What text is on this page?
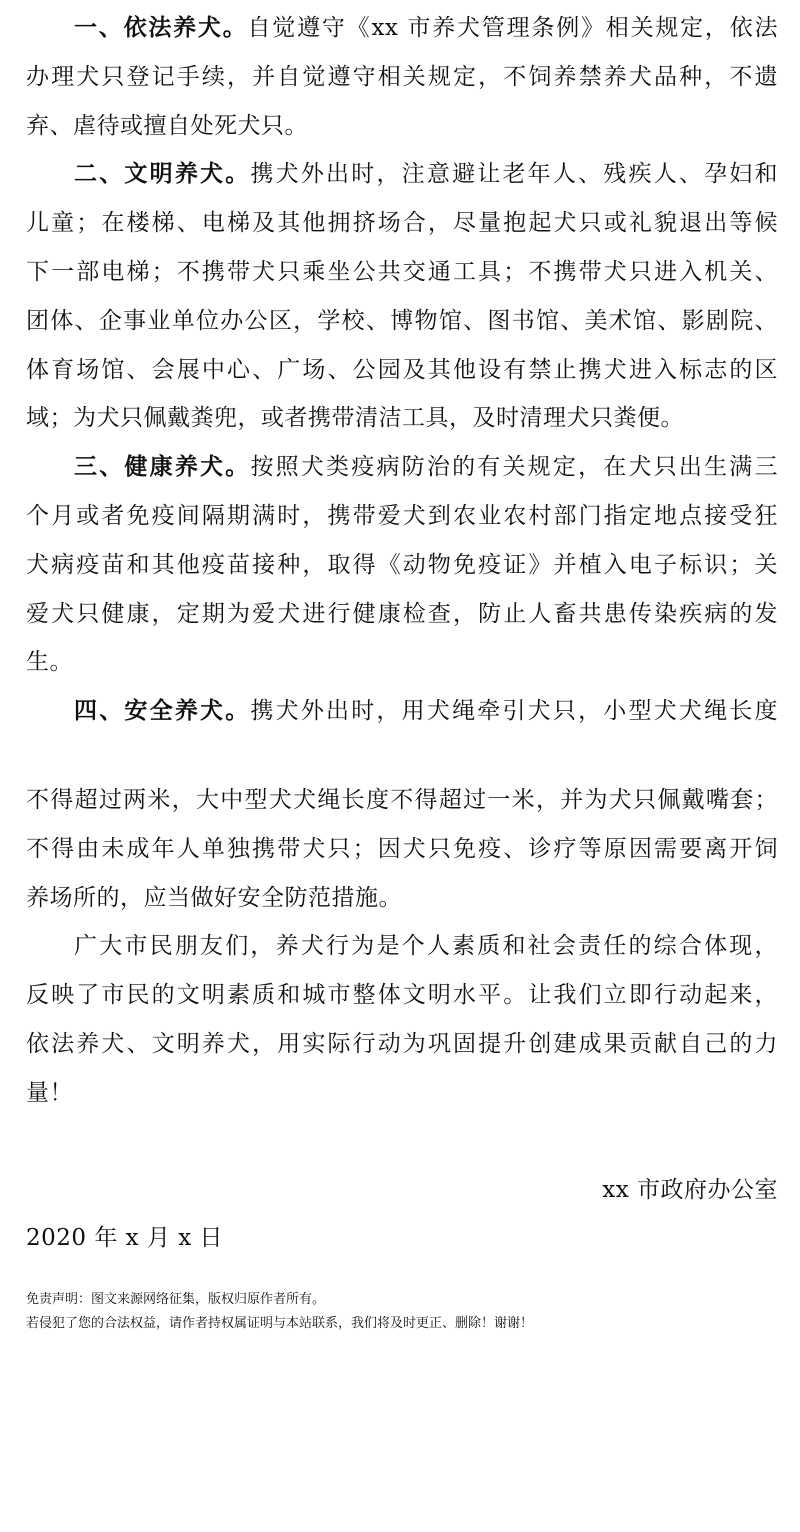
一、依法养犬。自觉遵守《xx 市养犬管理条例》相关规定，依法
办理犬只登记手续，并自觉遵守相关规定，不饲养禁养犬品种，不遗
弃、虐待或擅自处死犬只。
二、文明养犬。携犬外出时，注意避让老年人、残疾人、孕妇和
儿童；在楼梯、电梯及其他拥挤场合，尽量抱起犬只或礼貌退出等候
下一部电梯；不携带犬只乘坐公共交通工具；不携带犬只进入机关、
团体、企事业单位办公区，学校、博物馆、图书馆、美术馆、影剧院、
体育场馆、会展中心、广场、公园及其他设有禁止携犬进入标志的区
域；为犬只佩戴粪兜，或者携带清洁工具，及时清理犬只粪便。
三、健康养犬。按照犬类疫病防治的有关规定，在犬只出生满三
个月或者免疫间隔期满时，携带爱犬到农业农村部门指定地点接受狂
犬病疫苗和其他疫苗接种，取得《动物免疫证》并植入电子标识；关
爱犬只健康，定期为爱犬进行健康检查，防止人畜共患传染疾病的发
生。
四、安全养犬。携犬外出时，用犬绳牵引犬只，小型犬犬绳长度
不得超过两米，大中型犬犬绳长度不得超过一米，并为犬只佩戴嘴套；
不得由未成年人单独携带犬只；因犬只免疫、诊疗等原因需要离开饲
养场所的，应当做好安全防范措施。
广大市民朋友们，养犬行为是个人素质和社会责任的综合体现，
反映了市民的文明素质和城市整体文明水平。让我们立即行动起来，
依法养犬、文明养犬，用实际行动为巩固提升创建成果贡献自己的力
量！
xx 市政府办公室
2020 年 x 月 x 日
免责声明：图文来源网络征集，版权归原作者所有。
若侵犯了您的合法权益，请作者持权属证明与本站联系，我们将及时更正、删除！谢谢！
